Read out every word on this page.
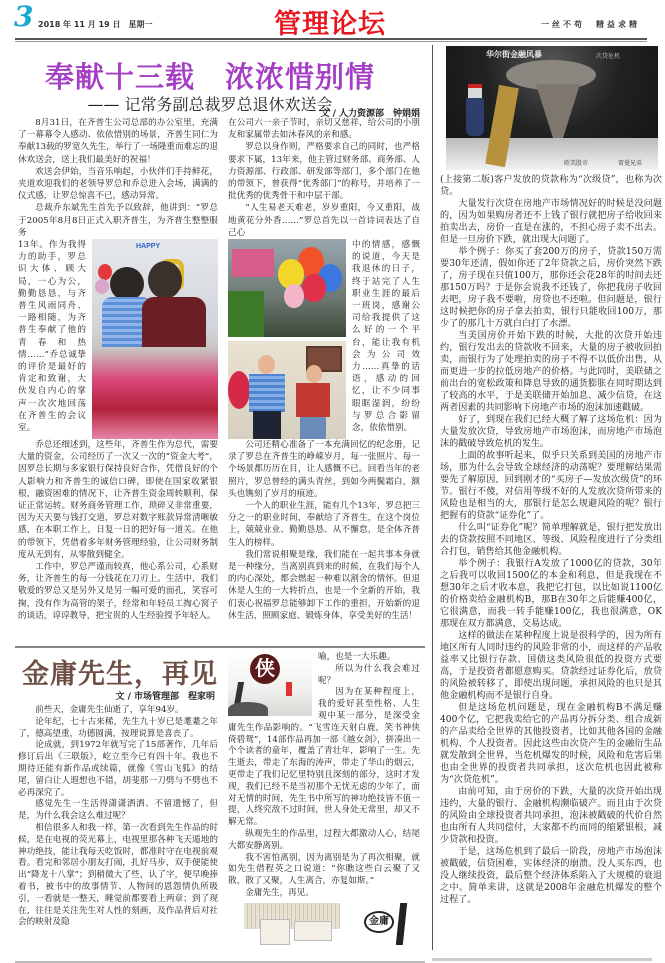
3 2018 年 11 月 19 日　星期一	管理论坛	一丝不苟　精益求精
奉献十三载　浓浓惜别情
—— 记常务副总裁罗总退休欢送会
文 / 人力资源部　钟娟娟

8月31日，在齐普生公司总部的办公室里，充满了一幕幕令人感动、依依惜别的场景，齐普生同仁为奉献13载的罗宽久先生，举行了一场隆重而难忘的退休欢送会，送上我们最美好的祝福！

欢送会伊始，当音乐响起，小伙伴们手持鲜花，夹道欢迎我们的老领导罗总和乔总进入会场，满满的仪式感，让罗总惊喜不已，感动异常。

总裁乔东斌先生首先予以致辞，他讲到：“罗总于2005年8月8日正式入职齐普生，为齐普生整整服务

13年。作为我得力的助手，罗总识大体、顾大局，一心为公，勤勤恳恳，与齐普生风雨同舟、一路相随，为齐普生奉献了他的青春和热情……”乔总诚挚的评价是最好的肯定和致谢，大伙发自内心的掌声一次次地回荡在齐普生的会议室。
HAPPY

乔总还细述到，这些年，齐普生作为总代，需要大量的资金，公司经历了一次又一次的“资金大考”，因罗总长期与多家银行保持良好合作，凭借良好的个人影响力和齐普生的诚信口碑，即使在国家收紧银根，融资困难的情况下，让齐普生资金周转顺利，保证正常运转。财务商务管理工作，琐碎又非常重要，因为天天要与钱打交道，罗总对数字账款异常清晰敏感，在本职工作上，日复一日的把好每一道关。在他的带领下，凭借着多年财务管理经验，让公司财务制度从无到有，从零散到健全。

工作中，罗总严谨而较真，他心系公司，心系财务，让齐普生的每一分钱花在刀刃上。生活中，我们敬爱的罗总又是另外又是另一幅可爱的面孔，笑容可掬，没有作为高管的架子，经常和年轻员工掏心窝子的谈话，谆谆教导，把宝贵的人生经验授予年轻人。

在公司六一亲子节时，亲切又慈祥，给公司的小朋友和家属带去如沐春风的亲和感。

罗总以身作则，严格要求自己的同时，也严格要求下属，13年来，他主管过财务部、商务部、人力资源部、行政部、研发部等部门，多个部门在他的带领下，曾获得“优秀部门”的称号，并培养了一批优秀的优秀骨干和中层干部。

“人生易老天难老，岁岁重阳，今又重阳，战地黄花分外香……”罗总首先以一首诗词表达了自己心

中的情感，感慨的说道，今天是我退休的日子，终于站完了人生职业生涯的最后一班岗，感谢公司给我提供了这么好的一个平台，能让我有机会为公司效力……真挚的话语，感动的回忆，让不少同事眼眶湿润，纷纷与罗总合影留念，依依惜别。

公司还精心准备了一本充满回忆的纪念册，记录了罗总在齐普生的峥嵘岁月，每一张照片、每一个场景都历历在目，让人感慨不已。回看当年的老照片，罗总曾经的满头青丝，到如今两鬓霜白，额头也镌刻了岁月的痕迹。

一个人的职业生涯，能有几个13年，罗总把三分之一的职业时间，奉献给了齐普生，在这个岗位上，兢兢业业、勤勤恳恳、从不懈怠，是全体齐普生人的榜样。

我们常说相聚是缘，我们能在一起共事本身就是一种缘分，当离别真到来的时候，在我们每个人的内心深处，都会燃起一种难以割舍的情怀。但退休是人生的一大转折点，也是一个全新的开始，我们衷心祝福罗总能够卸下工作的重担，开始新的退休生活，照顾家庭、锻炼身体，享受美好的生活！

金庸先生，再见
文 / 市场管理部　程家明

前些天，金庸先生仙逝了，享年94岁。

论年纪，七十古来稀，先生九十岁已是耄耋之年了，德高望重，功德圆满，按理说算是喜丧了。

论成就，到1972年就写完了15部著作，几年后修订后出《三联版》，屹立至今已有四十年。我也不期待还能有新作品或续篇，就像《雪山飞狐》的结尾，留白让人遐想也不错，胡斐那一刀劈与不劈也不必再深究了。

感觉先生一生活得潇潇洒洒、不留遗憾了，但是，为什么我会这么难过呢？

相信很多人和我一样，第一次看到先生作品的时候，是在电视的荧光幕上，电视里那各种飞天遁地的神功绝技，能让我每天吃饭时，都准时守在电视前观看。看完和邻居小朋友打闹，扎好马步，双手便能使出“降龙十八掌”；到稍微大了些，认了字，便早晚捧着书，被书中的故事情节、人物间的恩怨情仇所吸引，一看就是一整天，睡觉前都要看上两章；到了现在，往往是关注先生对人性的刻画，及作品背后对社会的映射及隐

侠

喻，也是一大乐趣。

所以为什么我会难过呢？

因为在某种程度上，我的爱好甚至性格、人生观中某一部分，是深受金庸先生作品影响的。“飞雪连天射白鹿，笑书神侠倚碧鸳”，14部作品再加一部《越女剑》，拼凑出一个个读者的童年，覆盖了青壮年，影响了一生。先生逝去，带走了东海的涛声，带走了华山的烟云，更带走了我们记忆里特别且深刻的部分，这时才发现，我们已经不是当初那个无忧无虑的少年了，面对无情的时间，先生书中所写的神功绝技皆不值一提，人终究敌不过时间，世人身处无常里，却又不解无常。

纵观先生的作品里，过程大都激动人心，结尾大都安静离别。

我不害怕离别，因为离别是为了再次相聚，就如先生借程英之口说道：“你瞧这些白云聚了又散，散了又聚，人生离合，亦复如斯。”

金庸先生，再见。

金庸
华尔街金融风暴	次贷危机
欧美股市	雷曼兄弟

(上接第二版)客户发放的贷款称为“次级贷”，也称为次贷。

大量发行次贷在房地产市场情况好的时候是没问题的，因为如果购房者还不上钱了银行就把房子给收回来拍卖出去，房价一直是在涨的，不担心房子卖不出去。但是一旦房价下跌，就出现大问题了。

举个例子：你买了套200万的房子，贷款150万需要30年还清，假如你还了2年贷款之后，房价突然下跌了，房子现在只值100万，那你还会花28年的时间去还那150万吗？于是你会说我不还钱了，你把我房子收回去吧，房子我不要啦，房贷也不还啦。但问题是，银行这时候把你的房子拿去拍卖，银行只能收回100万，那少了的那几十万就白白打了水漂。

当美国房价开始下跌的时候，大批的次贷开始违约，银行发出去的贷款收不回来，大量的房子被收回拍卖，而银行为了处理拍卖的房子不得不以低价出售，从而更进一步的拉低房地产的价格。与此同时，美联储之前出台的宽松政策和降息导致的通货膨胀在同时期达到了较高的水平，于是美联储开始加息、减少信贷，在这两者因素的共同影响下房地产市场的泡沫加速戳破。

好了，到现在我们已经大概了解了这场危机：因为大量发放次贷，导致房地产市场泡沫，而房地产市场泡沫的戳破导致危机的发生。

上面的故事听起来，似乎只关系到美国的房地产市场，那为什么会导致全球经济的动荡呢？要理解结果需要先了解原因，回到刚才的“买房子—发放次级贷”的环节。银行不傻，对信用等级不好的人发放次贷所带来的风险也是相当的大，那银行是怎么规避风险的呢？银行把握有的贷款“证券化”了。

什么叫“证券化”呢？简单理解就是，银行把发放出去的贷款按照不同地区、等级、风险程度进行了分类组合打包，销售给其他金融机构。

举个例子：我银行A发放了1000亿的贷款，30年之后我可以收回1500亿的本金和利息，但是我现在不想30年之后才收本息，我把它打包，以比如说1100亿的价格卖给金融机构B，那B在30年之后能赚400亿，它很满意，而我一转手能赚100亿，我也很满意，OK那现在双方都满意，交易达成。

这样的做法在某种程度上说是很科学的，因为所有地区所有人同时违约的风险非常的小，而这样的产品收益率又比银行存款、国债这类风险很低的投资方式要高，于是投资者都愿意购买。贷款经过证券化后，放贷的风险被转移了，即使出现问题，承担风险的也只是其他金融机构而不是银行自身。

但是这场危机问题是，现在金融机构B不满足赚400个亿，它把我卖给它的产品再分拆分类、组合成新的产品卖给全世界的其他投资者，比如其他各国的金融机构、个人投资者。因此这些由次贷产生的金融衍生品就发散到全世界，当危机爆发的时候，风险和危害后果也由全世界的投资者共同承担，这次危机也因此被称为“次贷危机”。

由前可知，由于房价的下跌，大量的次贷开始出现违约，大量的银行、金融机构濒临破产。而且由于次贷的风险由全球投资者共同承担，泡沫被戳破的代价自然也由所有人共同偿付，大家都不约而同的缩紧银根，减少贷款和投资。

于是，这场危机到了最后一阶段，房地产市场泡沫被戳破，信贷困难，实体经济的崩溃。没人买东西，也没人继续投资，最后整个经济体系陷入了大规模的衰退之中。简单来讲，这就是2008年金融危机爆发的整个过程了。
